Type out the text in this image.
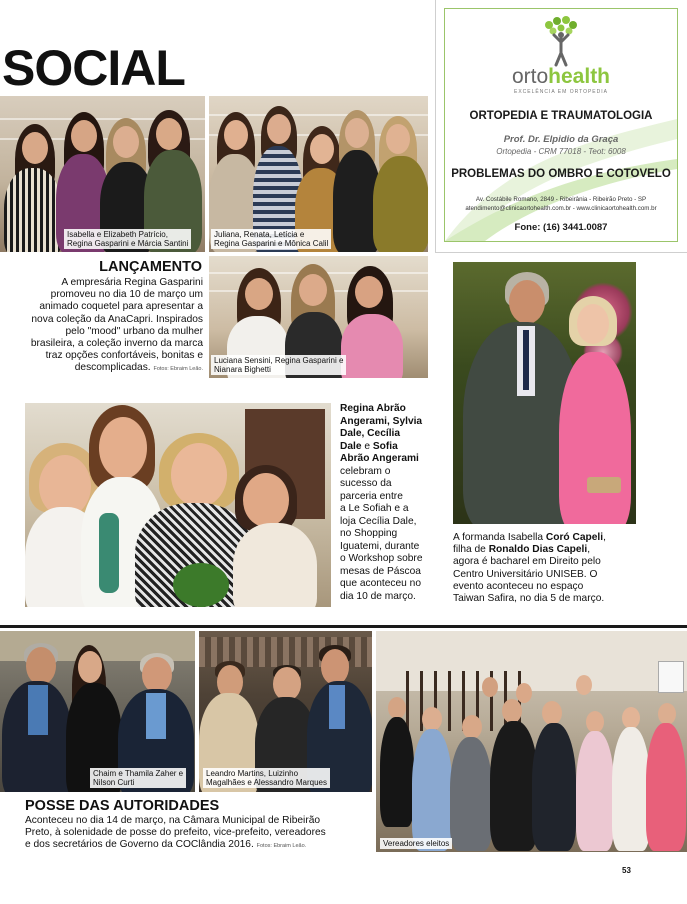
SOCIAL	ortohealth
EXCELÊNCIA EM ORTOPEDIA
ORTOPEDIA E TRAUMATOLOGIA
Prof. Dr. Elpidio da Graça
Ortopedia - CRM 77018 - Teot: 6008
PROBLEMAS DO OMBRO E COTOVELO
Av. Costábile Romano, 2849 - Ribeirânia - Ribeirão Preto - SP
atendimento@clinicaortohealth.com.br - www.clinicaortohealth.com.br
Fone: (16) 3441.0087
Isabella e Elizabeth Patrício,
Regina Gasparini e Márcia Santini
Juliana, Renata, Letícia e
Regina Gasparini e Mônica Calil
LANÇAMENTO
A empresária Regina Gasparini
promoveu no dia 10 de março um
animado coquetel para apresentar a
nova coleção da AnaCapri. Inspirados
pelo "mood" urbano da mulher
brasileira, a coleção inverno da marca
traz opções confortáveis, bonitas e
descomplicadas. Fotos: Ebraim Leão.
Luciana Sensini, Regina Gasparini e
Nianara Bighetti
Regina Abrão
Angerami, Sylvia
Dale, Cecília
Dale e Sofia
Abrão Angerami
celebram o
sucesso da
parceria entre
a Le Sofiah e a
loja Cecília Dale,
no Shopping
Iguatemi, durante
o Workshop sobre
mesas de Páscoa
que aconteceu no
dia 10 de março.
A formanda Isabella Coró Capeli,
filha de Ronaldo Dias Capeli,
agora é bacharel em Direito pelo
Centro Universitário UNISEB. O
evento aconteceu no espaço
Taiwan Safira, no dia 5 de março.
Chaim e Thamila Zaher e
Nilson Curti
Leandro Martins, Luizinho
Magalhães e Alessandro Marques
Vereadores eleitos
POSSE DAS AUTORIDADES
Aconteceu no dia 14 de março, na Câmara Municipal de Ribeirão
Preto, à solenidade de posse do prefeito, vice-prefeito, vereadores
e dos secretários de Governo da COClândia 2016. Fotos: Ebraim Leão.
53
